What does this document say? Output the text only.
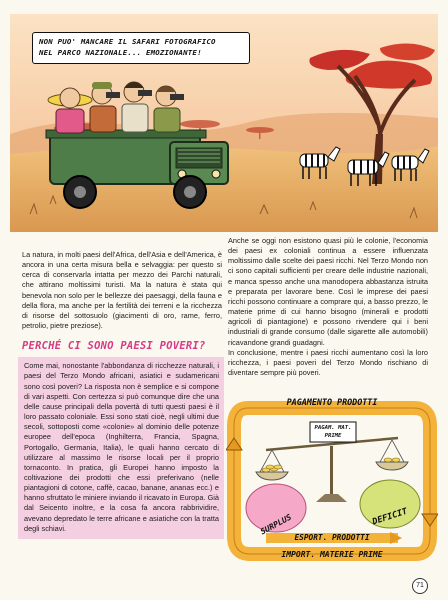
NON PUO' MANCARE IL SAFARI FOTOGRAFICO
NEL PARCO NAZIONALE... EMOZIONANTE!

La natura, in molti paesi dell'Africa, dell'Asia e dell'America, è ancora in una certa misura bella e selvaggia: per questo si cerca di conservarla intatta per mezzo dei Parchi naturali, che attirano moltissimi turisti. Ma la natura è stata qui benevola non solo per le bellezze dei paesaggi, della fauna e della flora, ma anche per la fertilità dei terreni e la ricchezza di risorse del sottosuolo (giacimenti di oro, rame, ferro, petrolio, pietre preziose).

PERCHÉ CI SONO PAESI POVERI?

Come mai, nonostante l'abbondanza di ricchezze naturali, i paesi del Terzo Mondo africani, asiatici e sudamericani sono così poveri? La risposta non è semplice e si compone di vari aspetti. Con certezza si può comunque dire che una delle cause principali della povertà di tutti questi paesi è il loro passato coloniale. Essi sono stati cioè, negli ultimi due secoli, sottoposti come «colonie» al dominio delle potenze europee dell'epoca (Inghilterra, Francia, Spagna, Portogallo, Germania, Italia), le quali hanno cercato di utilizzare al massimo le risorse locali per il proprio tornaconto. In pratica, gli Europei hanno imposto la coltivazione dei prodotti che essi preferivano (nelle piantagioni di cotone, caffè, cacao, banane, ananas ecc.) e hanno sfruttato le miniere inviando il ricavato in Europa. Già dal Seicento inoltre, e la cosa fa ancora rabbrividire, avevano depredato le terre africane e asiatiche con la tratta degli schiavi.

Anche se oggi non esistono quasi più le colonie, l'economia dei paesi ex coloniali continua a essere influenzata moltissimo dalle scelte dei paesi ricchi. Nel Terzo Mondo non ci sono capitali sufficienti per creare delle industrie nazionali, e manca spesso anche una manodopera abbastanza istruita e preparata per lavorare bene. Così le imprese dei paesi ricchi possono continuare a comprare qui, a basso prezzo, le materie prime di cui hanno bisogno (minerali e prodotti agricoli di piantagione) e possono rivendere qui i beni industriali di grande consumo (dalle sigarette alle automobili) ricavandone grandi guadagni.

In conclusione, mentre i paesi ricchi aumentano così la loro ricchezza, i paesi poveri del Terzo Mondo rischiano di diventare sempre più poveri.

PAGAMENTO PRODOTTI
PAGAM. MAT.
PRIME
SURPLUS	DEFICIT
ESPORT. PRODOTTI
IMPORT. MATERIE PRIME
71
